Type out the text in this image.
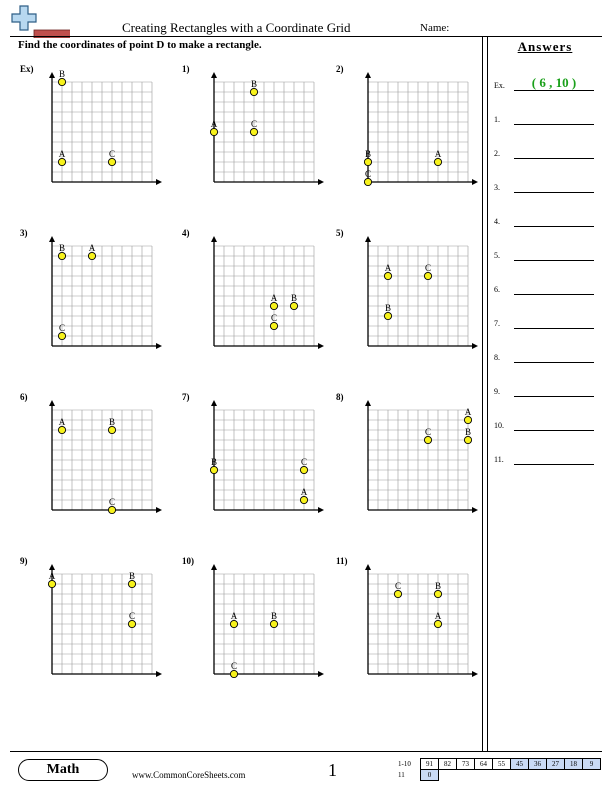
Creating Rectangles with a Coordinate Grid	Name:
Find the coordinates of point D to make a rectangle.
Ex)	B
A	C
1)
B
A	C
2)
B	A
C
3)
B	A
C
4)
A B
C
5)
A	C
B
6)
A	B
C
7)
B	C
A
8)
A
C	B
9)
A	B
C
10)
A	B
C
11)
C	B
A
Answers
Ex.	( 6 , 10 )
1.
2.
3.
4.
5.
6.
7.
8.
9.
10.
11.
Math	www.CommonCoreSheets.com	1	1-10	91	82	73	64	55	45	36	27	18	9
11	0									
